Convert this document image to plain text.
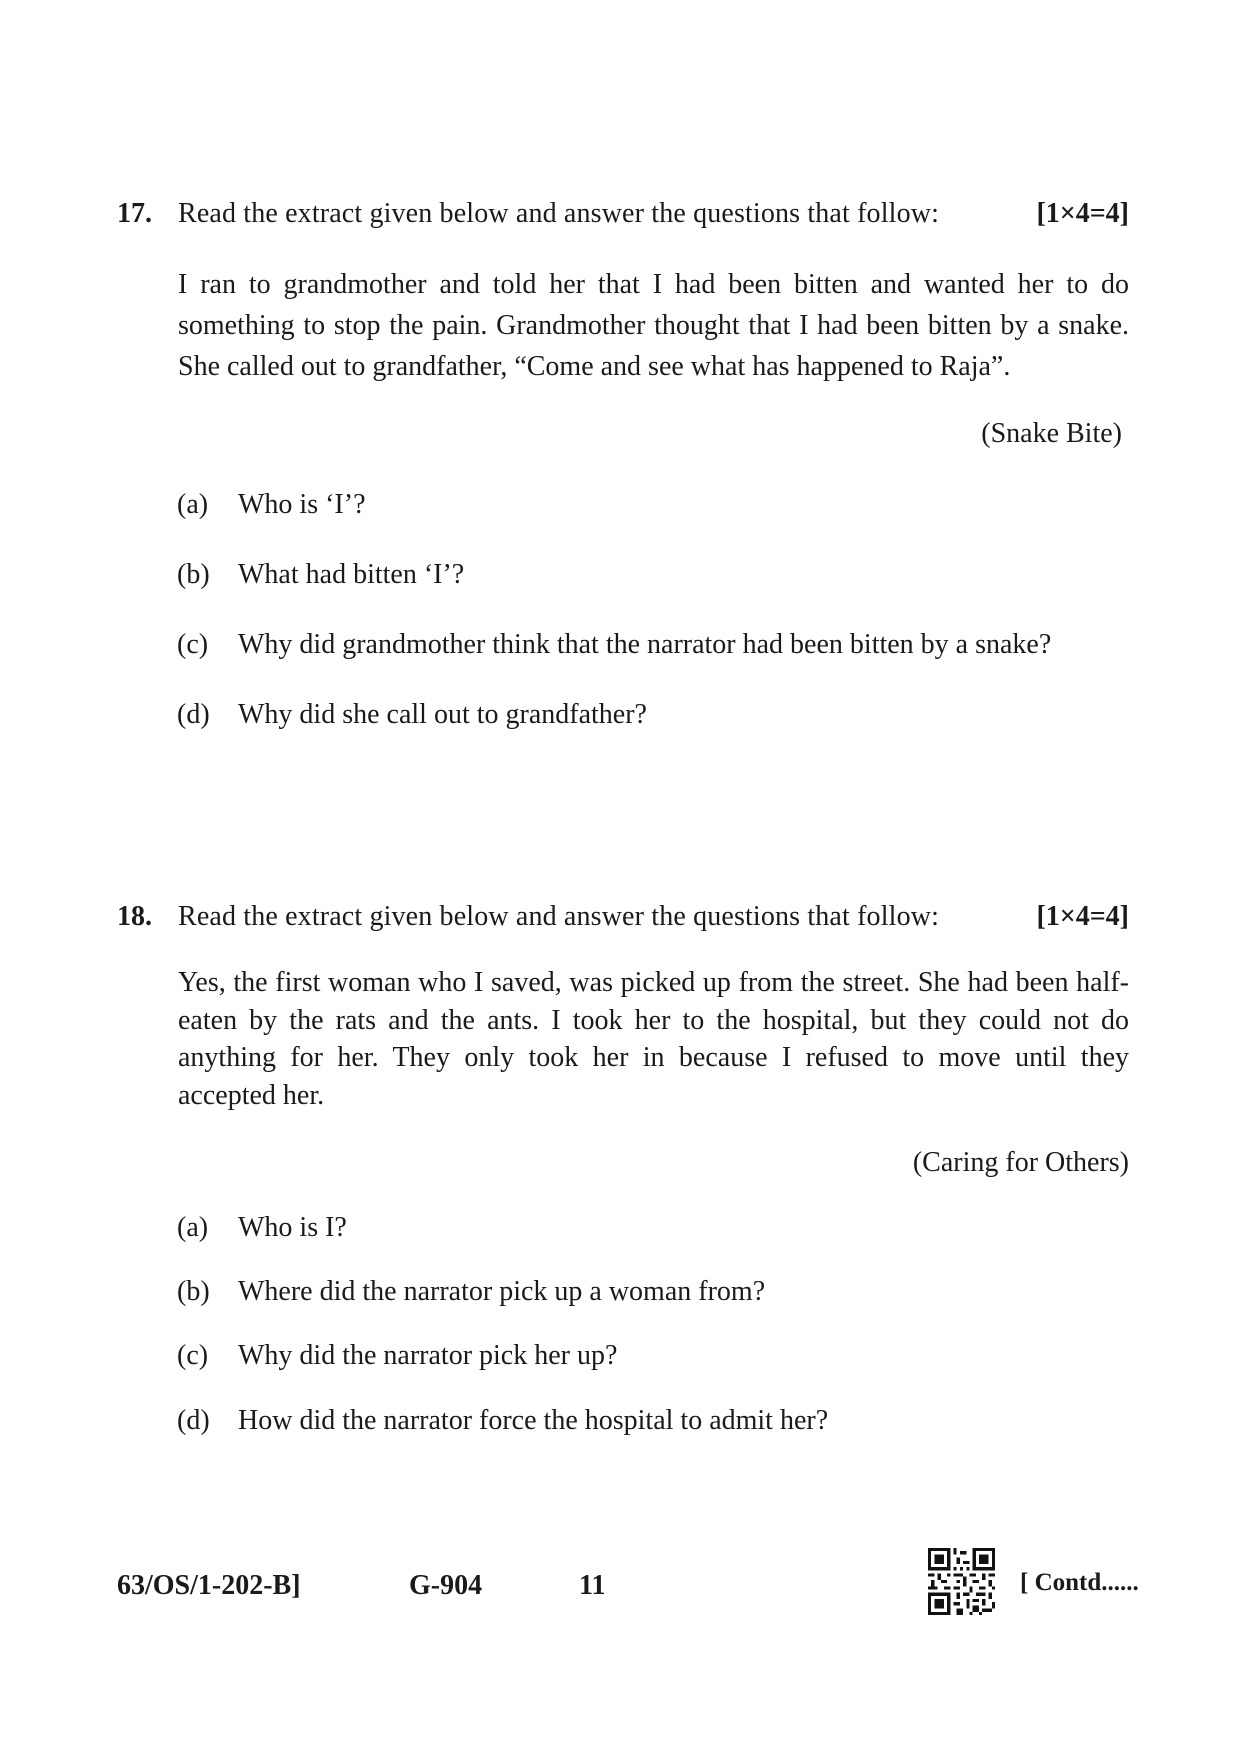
17. Read the extract given below and answer the questions that follow:	[1×4=4]

I ran to grandmother and told her that I had been bitten and wanted her to do something to stop the pain. Grandmother thought that I had been bitten by a snake. She called out to grandfather, “Come and see what has happened to Raja”.

(Snake Bite)
(a) Who is ‘I’?
(b) What had bitten ‘I’?
(c) Why did grandmother think that the narrator had been bitten by a snake?
(d) Why did she call out to grandfather?
18. Read the extract given below and answer the questions that follow:	[1×4=4]

Yes, the first woman who I saved, was picked up from the street. She had been half-eaten by the rats and the ants. I took her to the hospital, but they could not do anything for her. They only took her in because I refused to move until they accepted her.

(Caring for Others)
(a) Who is I?
(b) Where did the narrator pick up a woman from?
(c) Why did the narrator pick her up?
(d) How did the narrator force the hospital to admit her?
63/OS/1-202-B]	G-904	11	[ Contd......
